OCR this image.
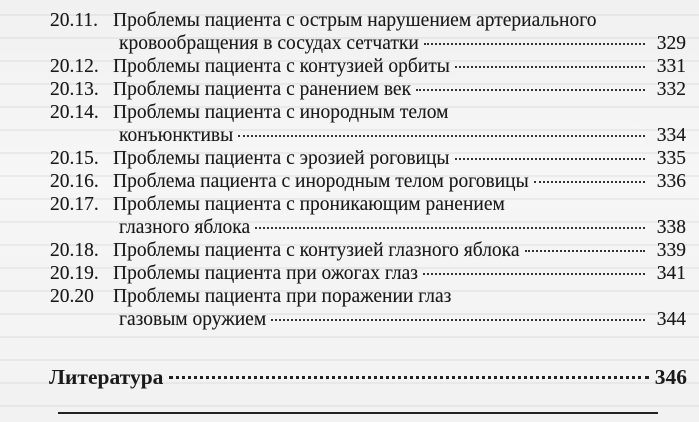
20.11. Проблемы пациента с острым нарушением артериального
кровообращения в сосудах сетчатки	329
20.12. Проблемы пациента с контузией орбиты	331
20.13. Проблемы пациента с ранением век	332
20.14. Проблемы пациента с инородным телом
конъюнктивы	334
20.15. Проблемы пациента с эрозией роговицы	335
20.16. Проблема пациента с инородным телом роговицы	336
20.17. Проблемы пациента с проникающим ранением
глазного яблока	338
20.18. Проблемы пациента с контузией глазного яблока	339
20.19. Проблемы пациента при ожогах глаз	341
20.20 Проблемы пациента при поражении глаз
газовым оружием	344
Литература	346
